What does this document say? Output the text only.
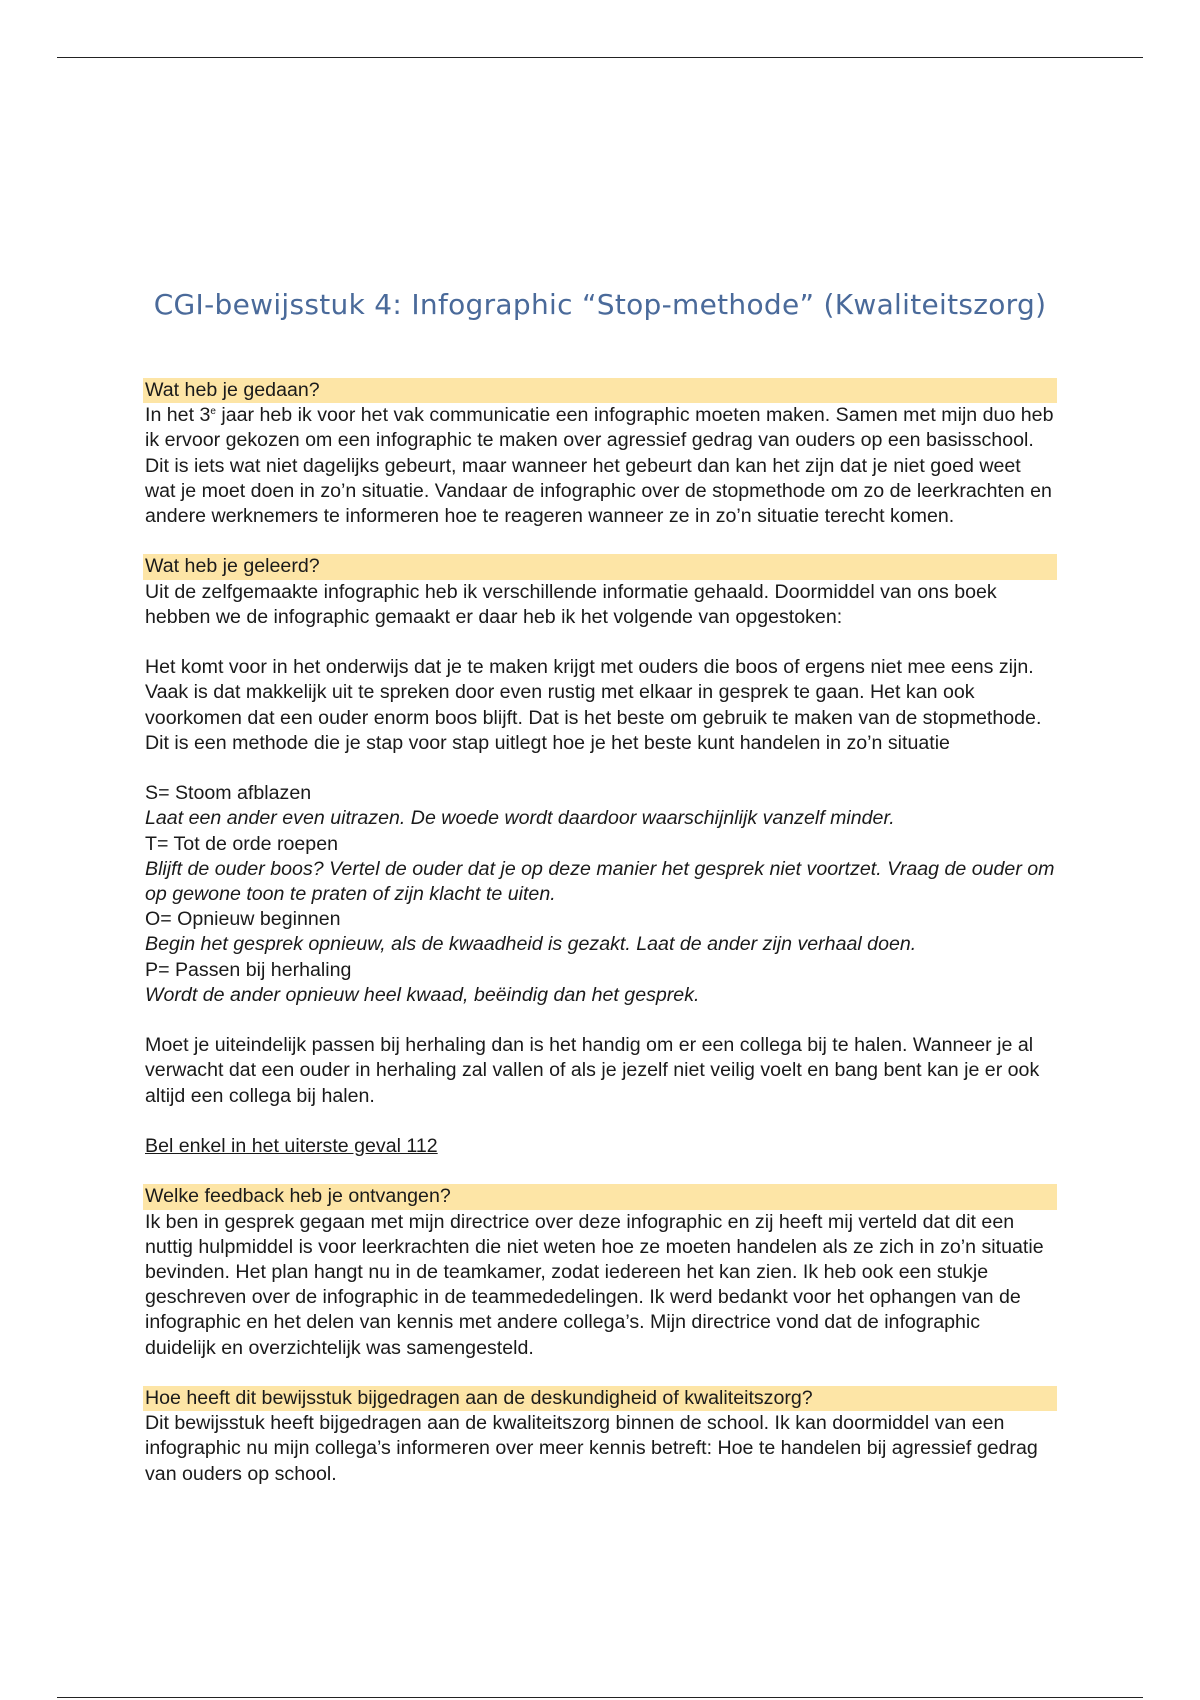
CGI-bewijsstuk 4: Infographic “Stop-methode” (Kwaliteitszorg)
Wat heb je gedaan?

In het 3e jaar heb ik voor het vak communicatie een infographic moeten maken. Samen met mijn duo heb ik ervoor gekozen om een infographic te maken over agressief gedrag van ouders op een basisschool. Dit is iets wat niet dagelijks gebeurt, maar wanneer het gebeurt dan kan het zijn dat je niet goed weet wat je moet doen in zo’n situatie. Vandaar de infographic over de stopmethode om zo de leerkrachten en andere werknemers te informeren hoe te reageren wanneer ze in zo’n situatie terecht komen.

Wat heb je geleerd?

Uit de zelfgemaakte infographic heb ik verschillende informatie gehaald. Doormiddel van ons boek hebben we de infographic gemaakt er daar heb ik het volgende van opgestoken:

Het komt voor in het onderwijs dat je te maken krijgt met ouders die boos of ergens niet mee eens zijn. Vaak is dat makkelijk uit te spreken door even rustig met elkaar in gesprek te gaan. Het kan ook voorkomen dat een ouder enorm boos blijft. Dat is het beste om gebruik te maken van de stopmethode. Dit is een methode die je stap voor stap uitlegt hoe je het beste kunt handelen in zo’n situatie

S= Stoom afblazen

Laat een ander even uitrazen. De woede wordt daardoor waarschijnlijk vanzelf minder.

T= Tot de orde roepen

Blijft de ouder boos? Vertel de ouder dat je op deze manier het gesprek niet voortzet. Vraag de ouder om op gewone toon te praten of zijn klacht te uiten.

O= Opnieuw beginnen

Begin het gesprek opnieuw, als de kwaadheid is gezakt. Laat de ander zijn verhaal doen.

P= Passen bij herhaling

Wordt de ander opnieuw heel kwaad, beëindig dan het gesprek.

Moet je uiteindelijk passen bij herhaling dan is het handig om er een collega bij te halen. Wanneer je al verwacht dat een ouder in herhaling zal vallen of als je jezelf niet veilig voelt en bang bent kan je er ook altijd een collega bij halen.

Bel enkel in het uiterste geval 112

Welke feedback heb je ontvangen?

Ik ben in gesprek gegaan met mijn directrice over deze infographic en zij heeft mij verteld dat dit een nuttig hulpmiddel is voor leerkrachten die niet weten hoe ze moeten handelen als ze zich in zo’n situatie bevinden. Het plan hangt nu in de teamkamer, zodat iedereen het kan zien. Ik heb ook een stukje geschreven over de infographic in de teammededelingen. Ik werd bedankt voor het ophangen van de infographic en het delen van kennis met andere collega’s. Mijn directrice vond dat de infographic duidelijk en overzichtelijk was samengesteld.

Hoe heeft dit bewijsstuk bijgedragen aan de deskundigheid of kwaliteitszorg?

Dit bewijsstuk heeft bijgedragen aan de kwaliteitszorg binnen de school. Ik kan doormiddel van een infographic nu mijn collega’s informeren over meer kennis betreft: Hoe te handelen bij agressief gedrag van ouders op school.
